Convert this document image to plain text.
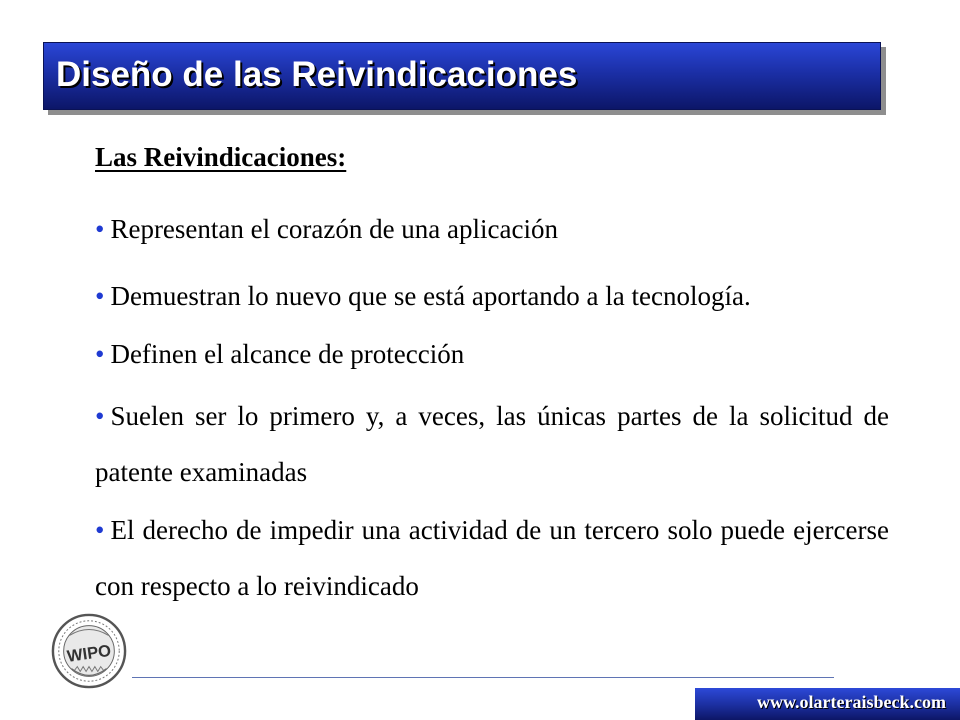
Diseño de las Reivindicaciones
Las Reivindicaciones:
• Representan el corazón de una aplicación
• Demuestran lo nuevo que se está aportando a la tecnología.
• Definen el alcance de protección
• Suelen ser lo primero y, a veces, las únicas partes de la solicitud de patente examinadas
• El derecho de impedir una actividad de un tercero solo puede ejercerse con respecto a lo reivindicado
WIPO
www.olarteraisbeck.com
